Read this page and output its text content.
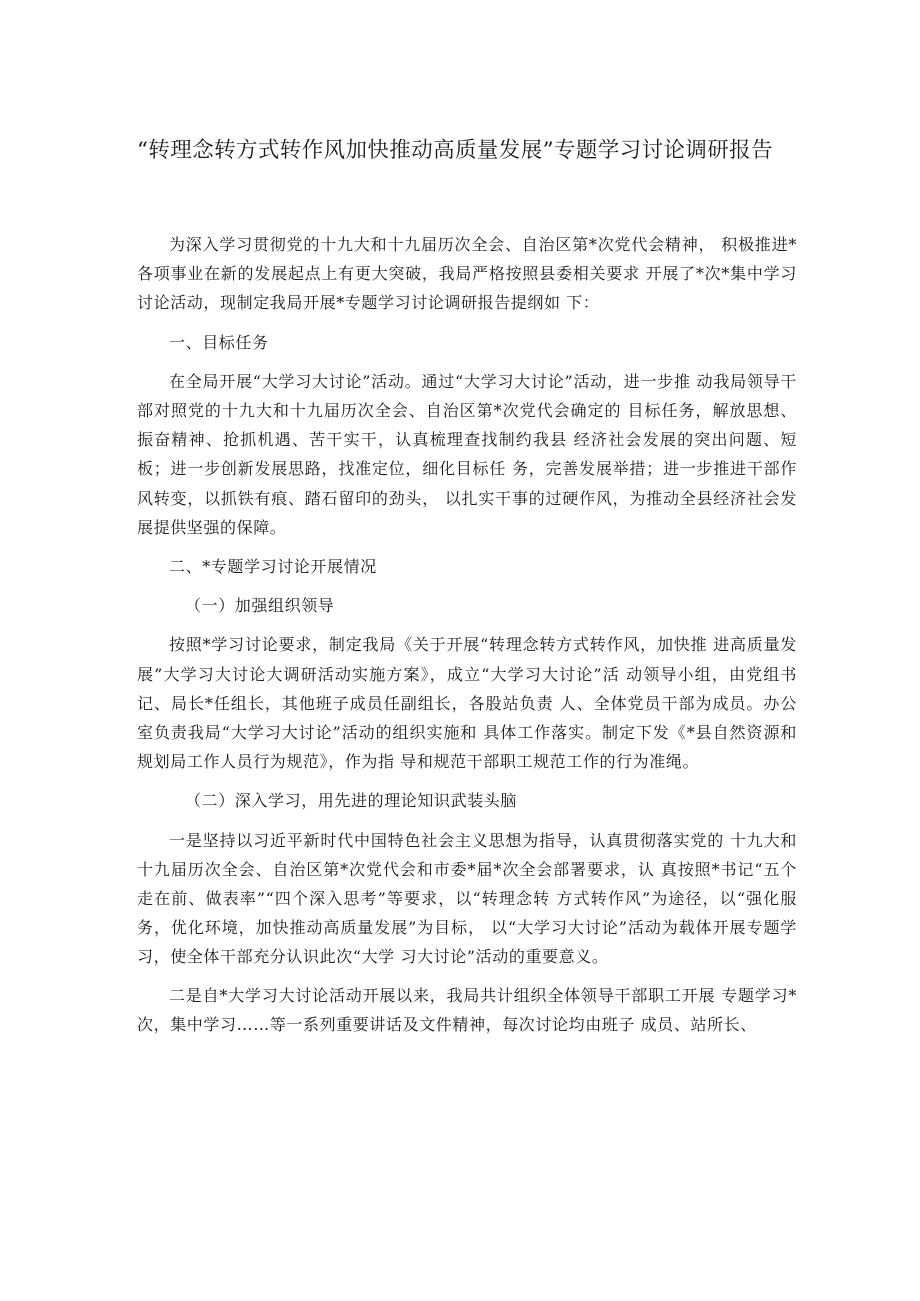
“转理念转方式转作风加快推动高质量发展”专题学习讨论调研报告

为深入学习贯彻党的十九大和十九届历次全会、自治区第*次党代会精神， 积极推进*各项事业在新的发展起点上有更大突破，我局严格按照县委相关要求 开展了*次*集中学习讨论活动，现制定我局开展*专题学习讨论调研报告提纲如 下：

一、目标任务

在全局开展“大学习大讨论”活动。通过“大学习大讨论”活动，进一步推 动我局领导干部对照党的十九大和十九届历次全会、自治区第*次党代会确定的 目标任务，解放思想、振奋精神、抢抓机遇、苦干实干，认真梳理查找制约我县 经济社会发展的突出问题、短板；进一步创新发展思路，找准定位，细化目标任 务，完善发展举措；进一步推进干部作风转变，以抓铁有痕、踏石留印的劲头， 以扎实干事的过硬作风，为推动全县经济社会发展提供坚强的保障。

二、*专题学习讨论开展情况

（一）加强组织领导

按照*学习讨论要求，制定我局《关于开展“转理念转方式转作风，加快推 进高质量发展”大学习大讨论大调研活动实施方案》，成立“大学习大讨论”活 动领导小组，由党组书记、局长*任组长，其他班子成员任副组长，各股站负责 人、全体党员干部为成员。办公室负责我局“大学习大讨论”活动的组织实施和 具体工作落实。制定下发《*县自然资源和规划局工作人员行为规范》，作为指 导和规范干部职工规范工作的行为准绳。

（二）深入学习，用先进的理论知识武装头脑

一是坚持以习近平新时代中国特色社会主义思想为指导，认真贯彻落实党的 十九大和十九届历次全会、自治区第*次党代会和市委*届*次全会部署要求，认 真按照*书记“五个走在前、做表率”“四个深入思考”等要求，以“转理念转 方式转作风”为途径，以“强化服务，优化环境，加快推动高质量发展”为目标， 以“大学习大讨论”活动为载体开展专题学习，使全体干部充分认识此次“大学 习大讨论”活动的重要意义。

二是自*大学习大讨论活动开展以来，我局共计组织全体领导干部职工开展 专题学习*次，集中学习……等一系列重要讲话及文件精神，每次讨论均由班子 成员、站所长、
